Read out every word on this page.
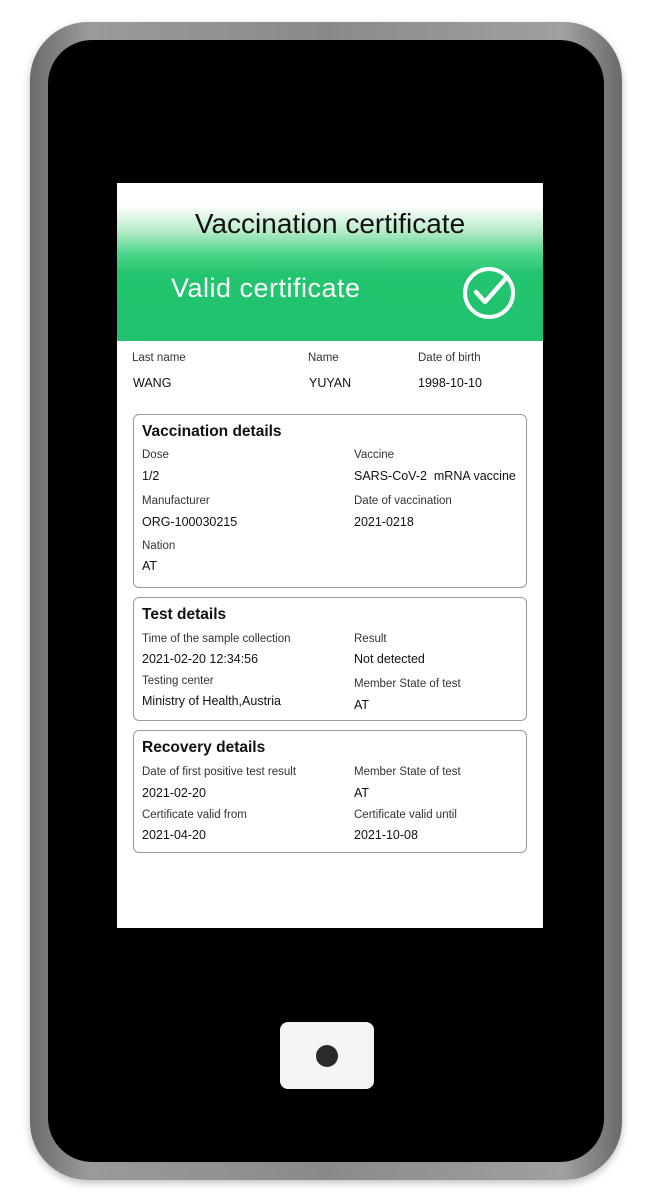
Vaccination certificate
Valid certificate
Last name
WANG
Name
YUYAN
Date of birth
1998-10-10
Vaccination details
Dose
1/2
Vaccine
SARS-CoV-2  mRNA vaccine
Manufacturer
ORG-100030215
Date of vaccination
2021-0218
Nation
AT
Test details
Time of the sample collection
2021-02-20 12:34:56
Result
Not detected
Testing center
Ministry of Health,Austria
Member State of test
AT
Recovery details
Date of first positive test result
2021-02-20
Member State of test
AT
Certificate valid from
2021-04-20
Certificate valid until
2021-10-08
